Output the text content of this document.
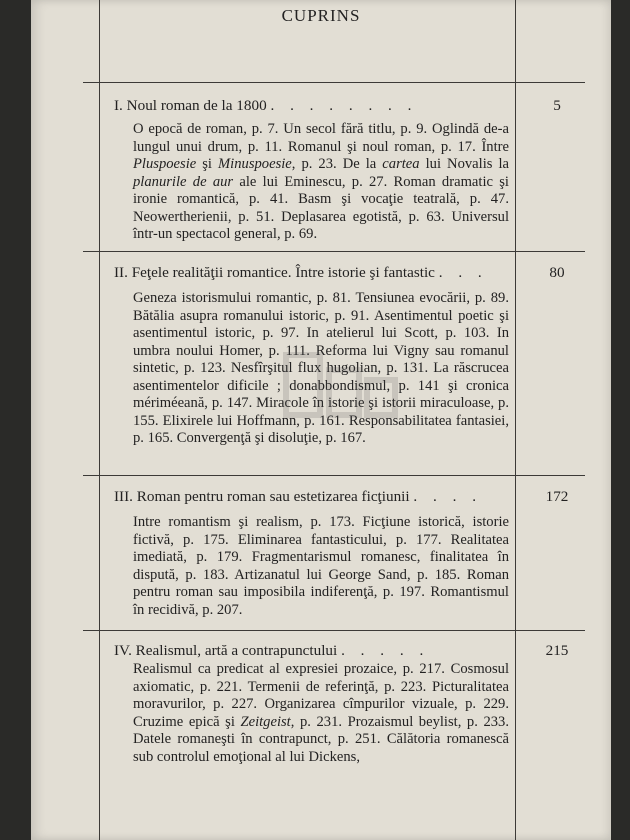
CUPRINS
I. Noul roman de la 1800 . . . . . . . .	5

O epocă de roman, p. 7. Un secol fără titlu, p. 9. Oglindă de-a lungul unui drum, p. 11. Romanul şi noul roman, p. 17. Între Pluspoesie şi Minuspoesie, p. 23. De la cartea lui Novalis la planurile de aur ale lui Eminescu, p. 27. Roman dramatic şi ironie romantică, p. 41. Basm şi vocaţie teatrală, p. 47. Neowertherienii, p. 51. Deplasarea egotistă, p. 63. Universul într-un spectacol general, p. 69.

II. Feţele realităţii romantice. Între istorie şi fantastic . . .	80

Geneza istorismului romantic, p. 81. Tensiunea evocării, p. 89. Bătălia asupra romanului istoric, p. 91. Asentimentul poetic şi asentimentul istoric, p. 97. In atelierul lui Scott, p. 103. In umbra noului Homer, p. 111. Reforma lui Vigny sau romanul sintetic, p. 123. Nesfîrşitul flux hugolian, p. 131. La răscrucea asentimentelor dificile ; donabbondismul, p. 141 şi cronica mériméeană, p. 147. Miracole în istorie şi istorii miraculoase, p. 155. Elixirele lui Hoffmann, p. 161. Responsabilitatea fantasiei, p. 165. Convergenţă şi disoluţie, p. 167.

III. Roman pentru roman sau estetizarea ficţiunii . . . .	172

Intre romantism şi realism, p. 173. Ficţiune istorică, istorie fictivă, p. 175. Eliminarea fantasticului, p. 177. Realitatea imediată, p. 179. Fragmentarismul romanesc, finalitatea în dispută, p. 183. Artizanatul lui George Sand, p. 185. Roman pentru roman sau imposibila indiferenţă, p. 197. Romantismul în recidivă, p. 207.

IV. Realismul, artă a contrapunctului . . . . .	215

Realismul ca predicat al expresiei prozaice, p. 217. Cosmosul axiomatic, p. 221. Termenii de referinţă, p. 223. Picturalitatea moravurilor, p. 227. Organizarea cîmpurilor vizuale, p. 229. Cruzime epică şi Zeitgeist, p. 231. Prozaismul beylist, p. 233. Datele romaneşti în contrapunct, p. 251. Călătoria romanescă sub controlul emoţional al lui Dickens,
